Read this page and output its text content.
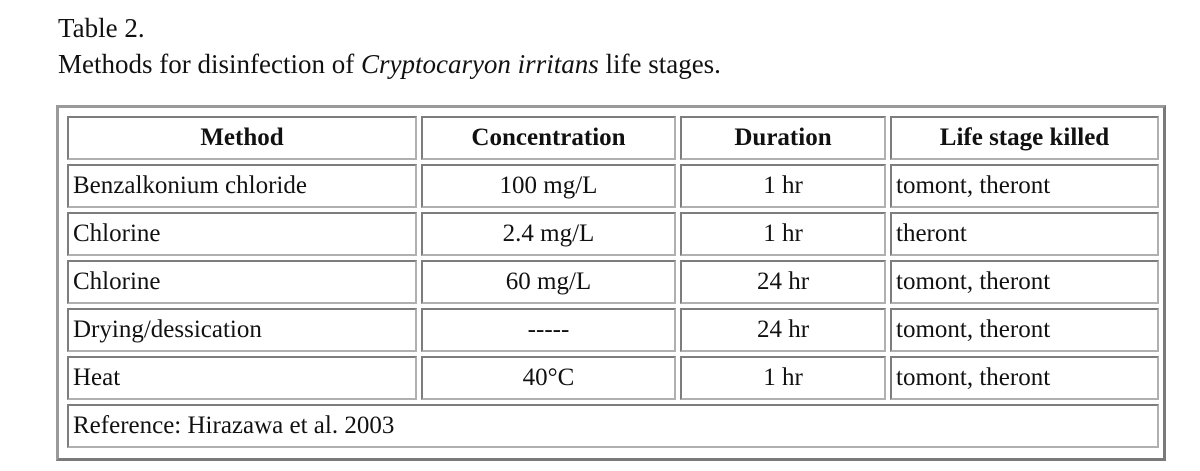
Table 2.
Methods for disinfection of Cryptocaryon irritans life stages.
Method	Concentration	Duration	Life stage killed
Benzalkonium chloride	100 mg/L	1 hr	tomont, theront
Chlorine	2.4 mg/L	1 hr	theront
Chlorine	60 mg/L	24 hr	tomont, theront
Drying/dessication	-----	24 hr	tomont, theront
Heat	40°C	1 hr	tomont, theront
Reference: Hirazawa et al. 2003			
